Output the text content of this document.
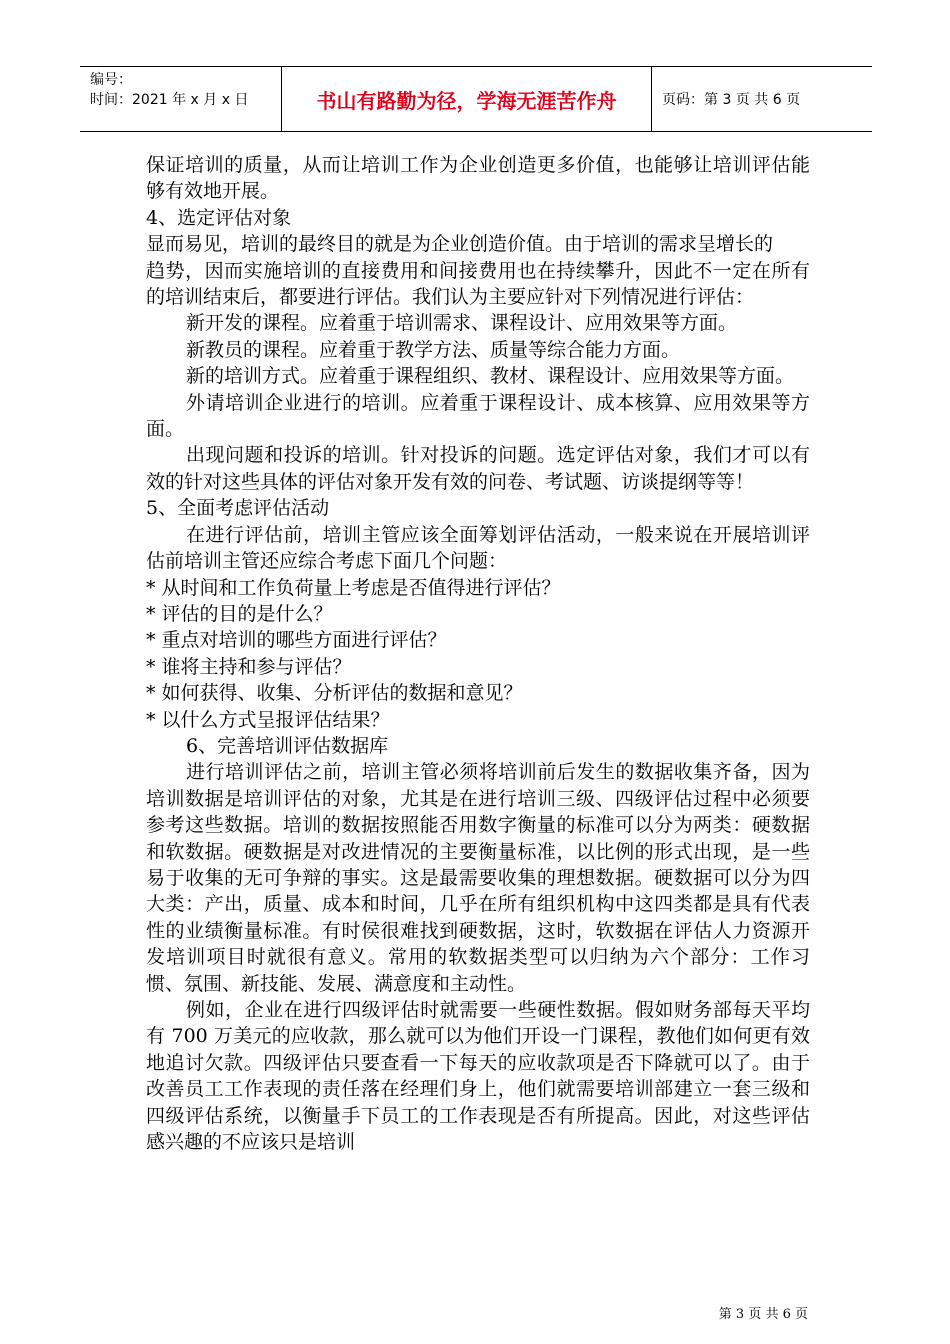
编号：
时间：2021 年 x 月 x 日	书山有路勤为径，学海无涯苦作舟	页码：第 3 页 共 6 页

保证培训的质量，从而让培训工作为企业创造更多价值，也能够让培训评估能够有效地开展。

4、选定评估对象

显而易见，培训的最终目的就是为企业创造价值。由于培训的需求呈增长的

趋势，因而实施培训的直接费用和间接费用也在持续攀升，因此不一定在所有的培训结束后，都要进行评估。我们认为主要应针对下列情况进行评估：

新开发的课程。应着重于培训需求、课程设计、应用效果等方面。

新教员的课程。应着重于教学方法、质量等综合能力方面。

新的培训方式。应着重于课程组织、教材、课程设计、应用效果等方面。

外请培训企业进行的培训。应着重于课程设计、成本核算、应用效果等方面。

出现问题和投诉的培训。针对投诉的问题。选定评估对象，我们才可以有效的针对这些具体的评估对象开发有效的问卷、考试题、访谈提纲等等！

5、全面考虑评估活动

在进行评估前，培训主管应该全面筹划评估活动，一般来说在开展培训评估前培训主管还应综合考虑下面几个问题：

* 从时间和工作负荷量上考虑是否值得进行评估？

* 评估的目的是什么？

* 重点对培训的哪些方面进行评估？

* 谁将主持和参与评估？

* 如何获得、收集、分析评估的数据和意见？

* 以什么方式呈报评估结果？

6、完善培训评估数据库

进行培训评估之前，培训主管必须将培训前后发生的数据收集齐备，因为培训数据是培训评估的对象，尤其是在进行培训三级、四级评估过程中必须要参考这些数据。培训的数据按照能否用数字衡量的标准可以分为两类：硬数据和软数据。硬数据是对改进情况的主要衡量标准，以比例的形式出现，是一些易于收集的无可争辩的事实。这是最需要收集的理想数据。硬数据可以分为四大类：产出，质量、成本和时间，几乎在所有组织机构中这四类都是具有代表性的业绩衡量标准。有时侯很难找到硬数据，这时，软数据在评估人力资源开发培训项目时就很有意义。常用的软数据类型可以归纳为六个部分：工作习惯、氛围、新技能、发展、满意度和主动性。

例如，企业在进行四级评估时就需要一些硬性数据。假如财务部每天平均有 700 万美元的应收款，那么就可以为他们开设一门课程，教他们如何更有效地追讨欠款。四级评估只要查看一下每天的应收款项是否下降就可以了。由于改善员工工作表现的责任落在经理们身上，他们就需要培训部建立一套三级和四级评估系统，以衡量手下员工的工作表现是否有所提高。因此，对这些评估感兴趣的不应该只是培训

第 3 页 共 6 页
